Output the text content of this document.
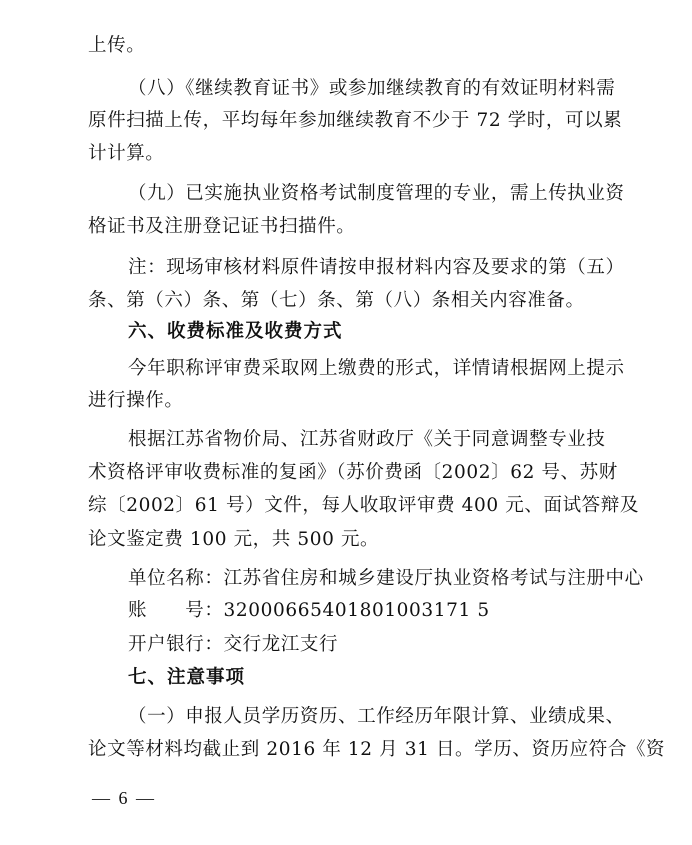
上传。
（八）《继续教育证书》或参加继续教育的有效证明材料需
原件扫描上传，平均每年参加继续教育不少于 72 学时，可以累
计计算。
（九）已实施执业资格考试制度管理的专业，需上传执业资
格证书及注册登记证书扫描件。
注：现场审核材料原件请按申报材料内容及要求的第（五）
条、第（六）条、第（七）条、第（八）条相关内容准备。
六、收费标准及收费方式
今年职称评审费采取网上缴费的形式，详情请根据网上提示
进行操作。
根据江苏省物价局、江苏省财政厅《关于同意调整专业技
术资格评审收费标准的复函》（苏价费函〔2002〕62 号、苏财
综〔2002〕61 号）文件，每人收取评审费 400 元、面试答辩及
论文鉴定费 100 元，共 500 元。
单位名称：江苏省住房和城乡建设厅执业资格考试与注册中心
账　　号：32000665401801003171 5
开户银行：交行龙江支行
七、注意事项
（一）申报人员学历资历、工作经历年限计算、业绩成果、
论文等材料均截止到 2016 年 12 月 31 日。学历、资历应符合《资
— 6 —
